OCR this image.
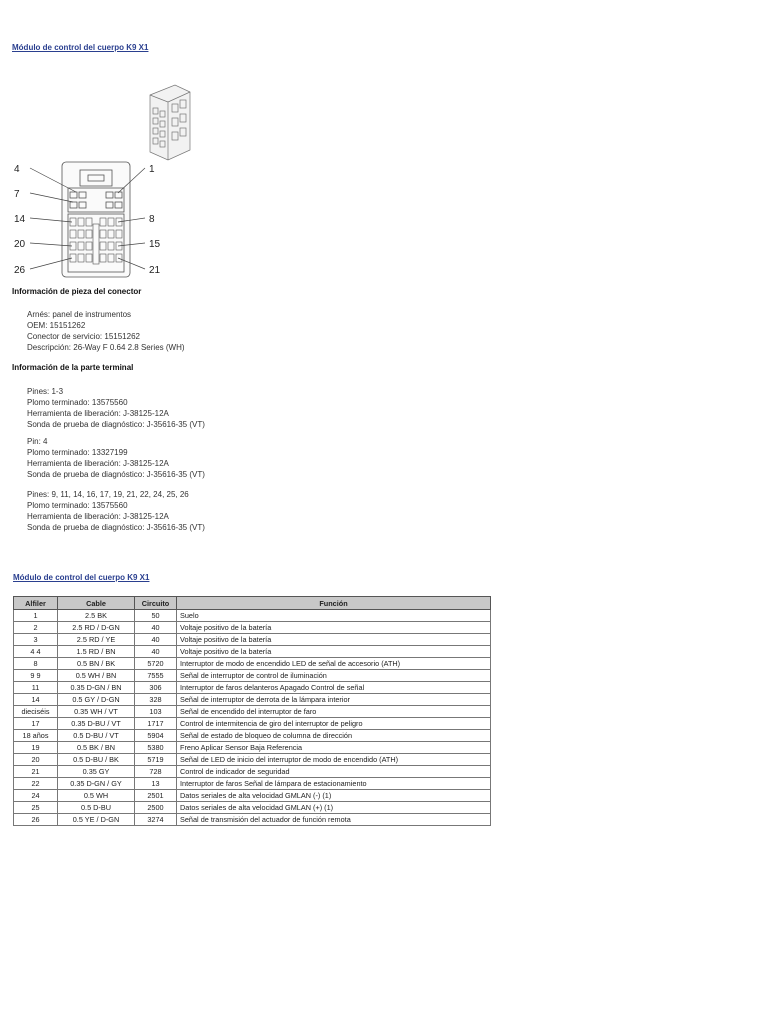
Módulo de control del cuerpo K9 X1
4
7
14
20
26
1
8
15
21
Información de pieza del conector
Arnés: panel de instrumentos
OEM: 15151262
Conector de servicio: 15151262
Descripción: 26-Way F 0.64 2.8 Series (WH)
Información de la parte terminal
Pines: 1-3
Plomo terminado: 13575560
Herramienta de liberación: J-38125-12A
Sonda de prueba de diagnóstico: J-35616-35 (VT)
Pin: 4
Plomo terminado: 13327199
Herramienta de liberación: J-38125-12A
Sonda de prueba de diagnóstico: J-35616-35 (VT)
Pines: 9, 11, 14, 16, 17, 19, 21, 22, 24, 25, 26
Plomo terminado: 13575560
Herramienta de liberación: J-38125-12A
Sonda de prueba de diagnóstico: J-35616-35 (VT)
Módulo de control del cuerpo K9 X1
Alfiler	Cable	Circuito	Función
1	2.5 BK	50	Suelo
2	2.5 RD / D-GN	40	Voltaje positivo de la batería
3	2.5 RD / YE	40	Voltaje positivo de la batería
4 4	1.5 RD / BN	40	Voltaje positivo de la batería
8	0.5 BN / BK	5720	Interruptor de modo de encendido LED de señal de accesorio (ATH)
9 9	0.5 WH / BN	7555	Señal de interruptor de control de iluminación
11	0.35 D-GN / BN	306	Interruptor de faros delanteros Apagado Control de señal
14	0.5 GY / D-GN	328	Señal de interruptor de derrota de la lámpara interior
dieciséis	0.35 WH / VT	103	Señal de encendido del interruptor de faro
17	0.35 D-BU / VT	1717	Control de intermitencia de giro del interruptor de peligro
18 años	0.5 D-BU / VT	5904	Señal de estado de bloqueo de columna de dirección
19	0.5 BK / BN	5380	Freno Aplicar Sensor Baja Referencia
20	0.5 D-BU / BK	5719	Señal de LED de inicio del interruptor de modo de encendido (ATH)
21	0.35 GY	728	Control de indicador de seguridad
22	0.35 D-GN / GY	13	Interruptor de faros Señal de lámpara de estacionamiento
24	0.5 WH	2501	Datos seriales de alta velocidad GMLAN (-) (1)
25	0.5 D-BU	2500	Datos seriales de alta velocidad GMLAN (+) (1)
26	0.5 YE / D-GN	3274	Señal de transmisión del actuador de función remota
